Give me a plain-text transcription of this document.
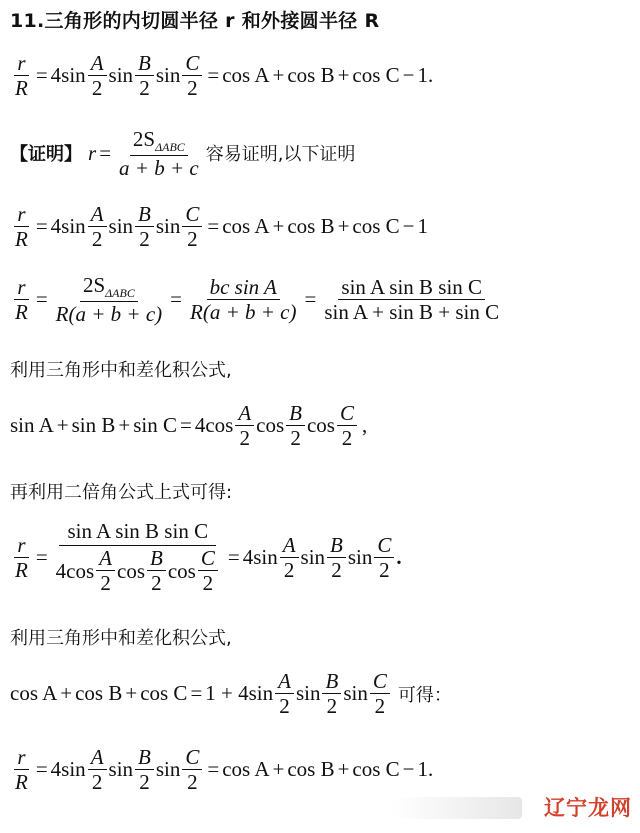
11.三角形的内切圆半径 r 和外接圆半径 R
$\frac{r}{R} = 4\sin \frac{A}{2}$ $\sin \frac{B}{2}$ $\sin \frac{C}{2} = \cos A + \cos B + \cos C - 1$.
【证明】 $r = \frac{2S_{\Delta ABC}}{a + b + c}$ 容易证明,以下证明
$\frac{r}{R} = 4\sin \frac{A}{2}$ $\sin \frac{B}{2}$ $\sin \frac{C}{2} = \cos A + \cos B + \cos C - 1$
$\frac{r}{R} = \frac{2S_{\Delta ABC}}{R(a + b + c)} = \frac{\text{bc sin A}}{R(a + b + c)} = \frac{\text{sin A sin B sin C}}{\text{sin A + sin B + sin C}}$
利用三角形中和差化积公式,
$\sin A + \sin B + \sin C = 4\cos \frac{A}{2}$ $\cos \frac{B}{2}$ $\cos \frac{C}{2}$ ,
再利用二倍角公式上式可得:
$\frac{r}{R}$ =
sin A sin B sin C
$4\cos \frac{A}{2}$ $\cos \frac{B}{2}$ $\cos \frac{C}{2} = 4\sin \frac{A}{2}$ $\sin \frac{B}{2}$ $\sin \frac{C}{2}$ .
利用三角形中和差化积公式,
$\cos A + \cos B + \cos C = 1 + 4\sin \frac{A}{2}$ $\sin \frac{B}{2}$ $\sin \frac{C}{2}$ 可得：
$\frac{r}{R} = 4\sin \frac{A}{2}$ $\sin \frac{B}{2}$ $\sin \frac{C}{2} = \cos A + \cos B + \cos C - 1$.
辽宁龙网
